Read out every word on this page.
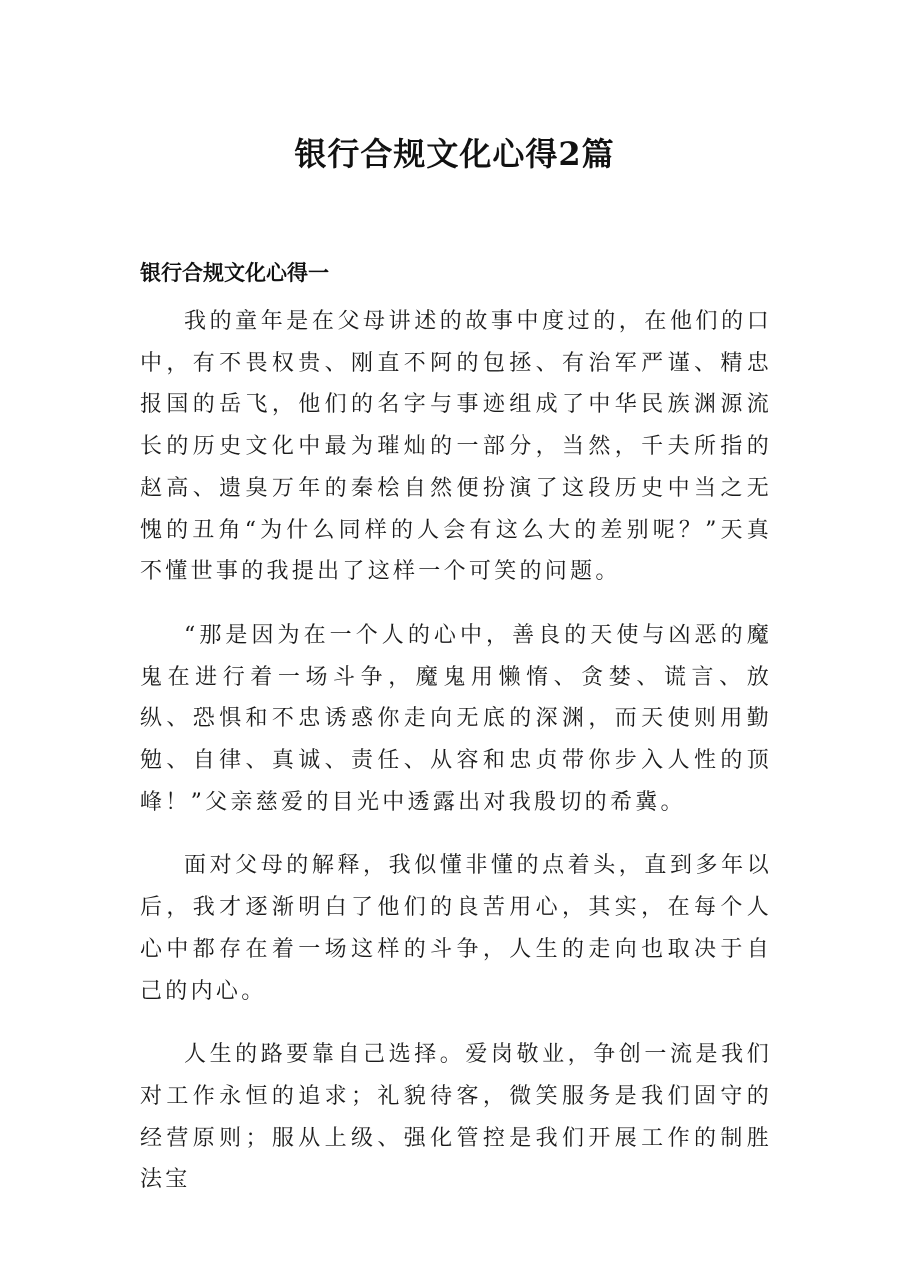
银行合规文化心得2篇
银行合规文化心得一

我的童年是在父母讲述的故事中度过的，在他们的口中，有不畏权贵、刚直不阿的包拯、有治军严谨、精忠报国的岳飞，他们的名字与事迹组成了中华民族渊源流长的历史文化中最为璀灿的一部分，当然，千夫所指的赵高、遗臭万年的秦桧自然便扮演了这段历史中当之无愧的丑角“为什么同样的人会有这么大的差别呢？”天真不懂世事的我提出了这样一个可笑的问题。

“那是因为在一个人的心中，善良的天使与凶恶的魔鬼在进行着一场斗争，魔鬼用懒惰、贪婪、谎言、放纵、恐惧和不忠诱惑你走向无底的深渊，而天使则用勤勉、自律、真诚、责任、从容和忠贞带你步入人性的顶峰！”父亲慈爱的目光中透露出对我殷切的希冀。

面对父母的解释，我似懂非懂的点着头，直到多年以后，我才逐渐明白了他们的良苦用心，其实，在每个人心中都存在着一场这样的斗争，人生的走向也取决于自己的内心。

人生的路要靠自己选择。爱岗敬业，争创一流是我们对工作永恒的追求；礼貌待客，微笑服务是我们固守的经营原则；服从上级、强化管控是我们开展工作的制胜法宝
